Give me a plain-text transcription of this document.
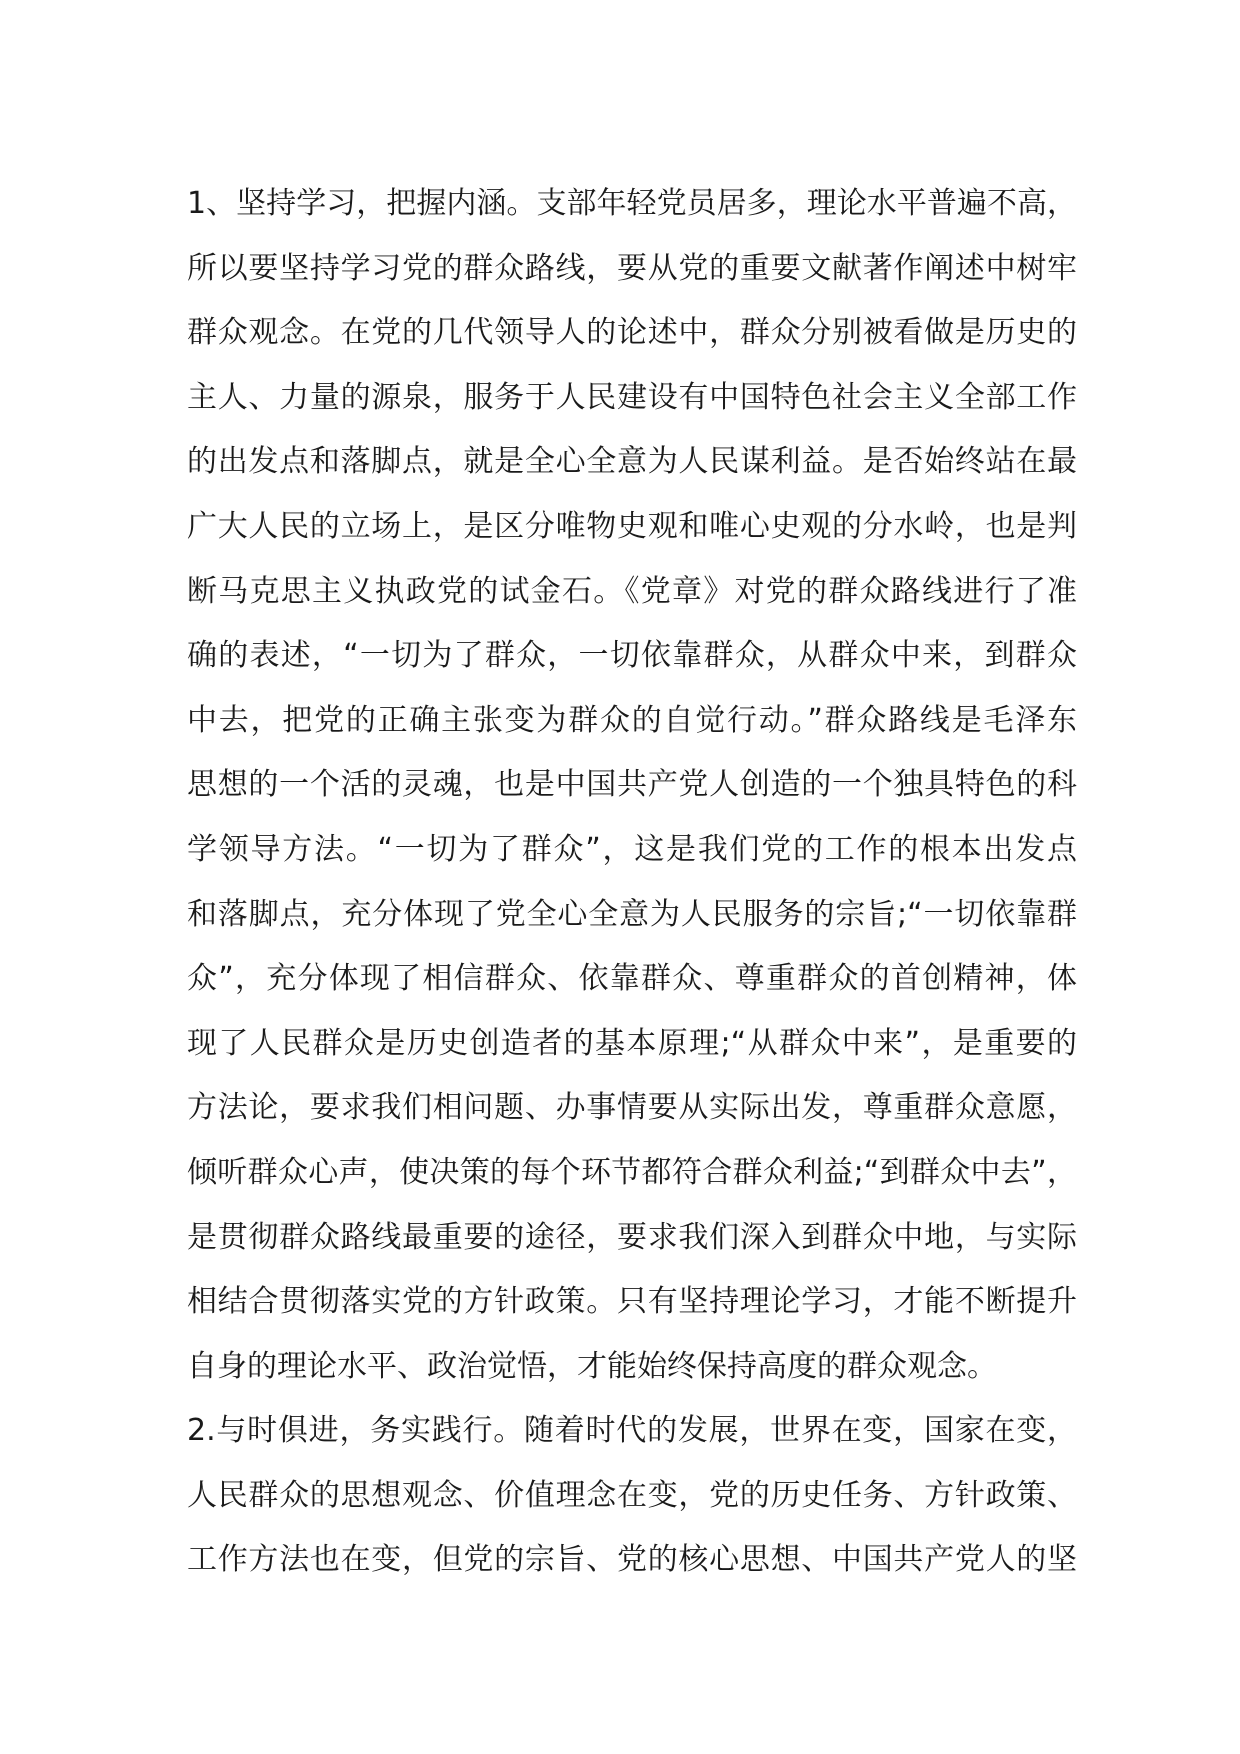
1、坚持学习，把握内涵。支部年轻党员居多，理论水平普遍不高，
所以要坚持学习党的群众路线，要从党的重要文献著作阐述中树牢
群众观念。在党的几代领导人的论述中，群众分别被看做是历史的
主人、力量的源泉，服务于人民建设有中国特色社会主义全部工作
的出发点和落脚点，就是全心全意为人民谋利益。是否始终站在最
广大人民的立场上，是区分唯物史观和唯心史观的分水岭，也是判
断马克思主义执政党的试金石。《党章》对党的群众路线进行了准
确的表述，“一切为了群众，一切依靠群众，从群众中来，到群众
中去，把党的正确主张变为群众的自觉行动。”群众路线是毛泽东
思想的一个活的灵魂，也是中国共产党人创造的一个独具特色的科
学领导方法。“一切为了群众”，这是我们党的工作的根本出发点
和落脚点，充分体现了党全心全意为人民服务的宗旨;“一切依靠群
众”，充分体现了相信群众、依靠群众、尊重群众的首创精神，体
现了人民群众是历史创造者的基本原理;“从群众中来”，是重要的
方法论，要求我们相问题、办事情要从实际出发，尊重群众意愿，
倾听群众心声，使决策的每个环节都符合群众利益;“到群众中去”，
是贯彻群众路线最重要的途径，要求我们深入到群众中地，与实际
相结合贯彻落实党的方针政策。只有坚持理论学习，才能不断提升
自身的理论水平、政治觉悟，才能始终保持高度的群众观念。
2.与时俱进，务实践行。随着时代的发展，世界在变，国家在变，
人民群众的思想观念、价值理念在变，党的历史任务、方针政策、
工作方法也在变，但党的宗旨、党的核心思想、中国共产党人的坚
